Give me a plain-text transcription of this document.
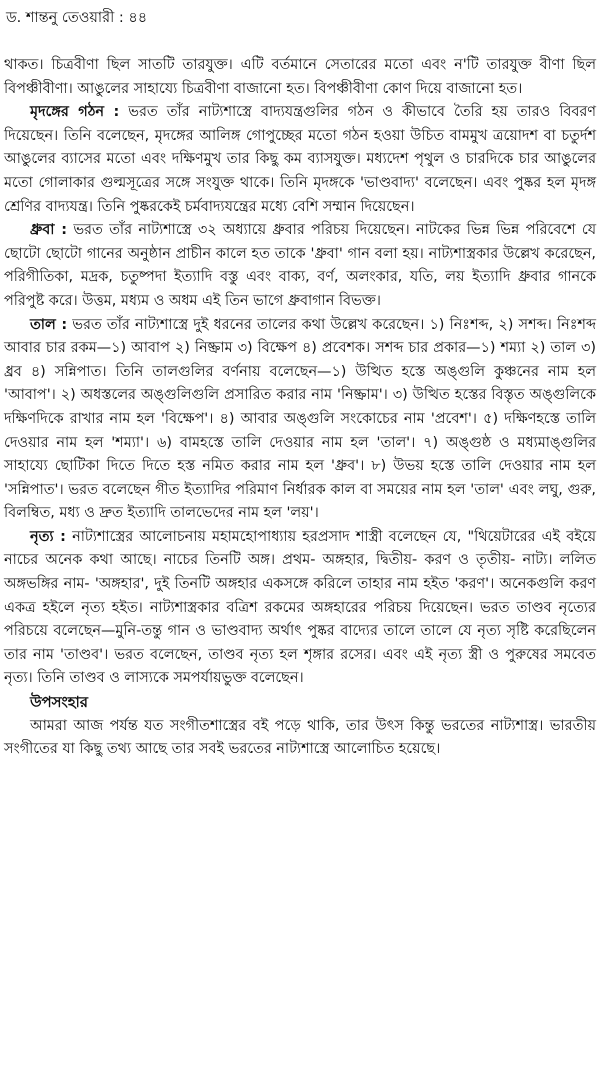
ড. শান্তনু তেওয়ারী : ৪৪

থাকত। চিত্রবীণা ছিল সাতটি তারযুক্ত। এটি বর্তমানে সেতারের মতো এবং ন'টি তারযুক্ত বীণা ছিল বিপঞ্চীবীণা। আঙুলের সাহায্যে চিত্রবীণা বাজানো হত। বিপঞ্চীবীণা কোণ দিয়ে বাজানো হত।

মৃদঙ্গের গঠন : ভরত তাঁর নাট্যশাস্ত্রে বাদ্যযন্ত্রগুলির গঠন ও কীভাবে তৈরি হয় তারও বিবরণ দিয়েছেন। তিনি বলেছেন, মৃদঙ্গের আলিঙ্গ গোপুচ্ছের মতো গঠন হওয়া উচিত বামমুখ ত্রয়োদশ বা চতুর্দশ আঙুলের ব্যাসের মতো এবং দক্ষিণমুখ তার কিছু কম ব্যাসযুক্ত। মধ্যদেশ পৃথুল ও চারদিকে চার আঙুলের মতো গোলাকার গুল্মসূত্রের সঙ্গে সংযুক্ত থাকে। তিনি মৃদঙ্গকে 'ভাণ্ডবাদ্য' বলেছেন। এবং পুষ্কর হল মৃদঙ্গ শ্রেণির বাদ্যযন্ত্র। তিনি পুষ্করকেই চর্মবাদ্যযন্ত্রের মধ্যে বেশি সম্মান দিয়েছেন।

ধ্রুবা : ভরত তাঁর নাট্যশাস্ত্রে ৩২ অধ্যায়ে ধ্রুবার পরিচয় দিয়েছেন। নাটকের ভিন্ন ভিন্ন পরিবেশে যে ছোটো ছোটো গানের অনুষ্ঠান প্রাচীন কালে হত তাকে 'ধ্রুবা' গান বলা হয়। নাট্যশাস্ত্রকার উল্লেখ করেছেন, পরিগীতিকা, মদ্রক, চতুষ্পদা ইত্যাদি বস্তু এবং বাক্য, বর্ণ, অলংকার, যতি, লয় ইত্যাদি ধ্রুবার গানকে পরিপুষ্ট করে। উত্তম, মধ্যম ও অধম এই তিন ভাগে ধ্রুবাগান বিভক্ত।

তাল : ভরত তাঁর নাট্যশাস্ত্রে দুই ধরনের তালের কথা উল্লেখ করেছেন। ১) নিঃশব্দ, ২) সশব্দ। নিঃশব্দ আবার চার রকম—১) আবাপ ২) নিষ্ক্রাম ৩) বিক্ষেপ ৪) প্রবেশক। সশব্দ চার প্রকার—১) শম্যা ২) তাল ৩) ধ্রব ৪) সন্নিপাত। তিনি তালগুলির বর্ণনায় বলেছেন—১) উত্থিত হস্তে অঙ্গুলি কুঞ্চনের নাম হল 'আবাপ'। ২) অধস্তলের অঙ্গুলিগুলি প্রসারিত করার নাম 'নিষ্ক্রাম'। ৩) উত্থিত হস্তের বিস্তৃত অঙ্গুলিকে দক্ষিণদিকে রাখার নাম হল 'বিক্ষেপ'। ৪) আবার অঙ্গুলি সংকোচের নাম 'প্রবেশ'। ৫) দক্ষিণহস্তে তালি দেওয়ার নাম হল 'শম্যা'। ৬) বামহস্তে তালি দেওয়ার নাম হল 'তাল'। ৭) অঙ্গুষ্ঠ ও মধ্যমাঙ্গুলির সাহায্যে ছোটিকা দিতে দিতে হস্ত নমিত করার নাম হল 'ধ্রুব'। ৮) উভয় হস্তে তালি দেওয়ার নাম হল 'সন্নিপাত'। ভরত বলেছেন গীত ইত্যাদির পরিমাণ নির্ধারক কাল বা সময়ের নাম হল 'তাল' এবং লঘু, গুরু, বিলম্বিত, মধ্য ও দ্রুত ইত্যাদি তালভেদের নাম হল 'লয়'।

নৃত্য : নাট্যশাস্ত্রের আলোচনায় মহামহোপাধ্যায় হরপ্রসাদ শাস্ত্রী বলেছেন যে, "থিয়েটারের এই বইয়ে নাচের অনেক কথা আছে। নাচের তিনটি অঙ্গ। প্রথম- অঙ্গহার, দ্বিতীয়- করণ ও তৃতীয়- নাট্য। ললিত অঙ্গভঙ্গির নাম- 'অঙ্গহার', দুই তিনটি অঙ্গহার একসঙ্গে করিলে তাহার নাম হইত 'করণ'। অনেকগুলি করণ একত্র হইলে নৃত্য হইত। নাট্যশাস্ত্রকার বত্রিশ রকমের অঙ্গহারের পরিচয় দিয়েছেন। ভরত তাণ্ডব নৃত্যের পরিচয়ে বলেছেন—মুনি-তন্তু গান ও ভাণ্ডবাদ্য অর্থাৎ পুষ্কর বাদ্যের তালে তালে যে নৃত্য সৃষ্টি করেছিলেন তার নাম 'তাণ্ডব'। ভরত বলেছেন, তাণ্ডব নৃত্য হল শৃঙ্গার রসের। এবং এই নৃত্য স্ত্রী ও পুরুষের সমবেত নৃত্য। তিনি তাণ্ডব ও লাস্যকে সমপর্যায়ভুক্ত বলেছেন।

উপসংহার

আমরা আজ পর্যন্ত যত সংগীতশাস্ত্রের বই পড়ে থাকি, তার উৎস কিন্তু ভরতের নাট্যশাস্ত্র। ভারতীয় সংগীতের যা কিছু তথ্য আছে তার সবই ভরতের নাট্যশাস্ত্রে আলোচিত হয়েছে।
